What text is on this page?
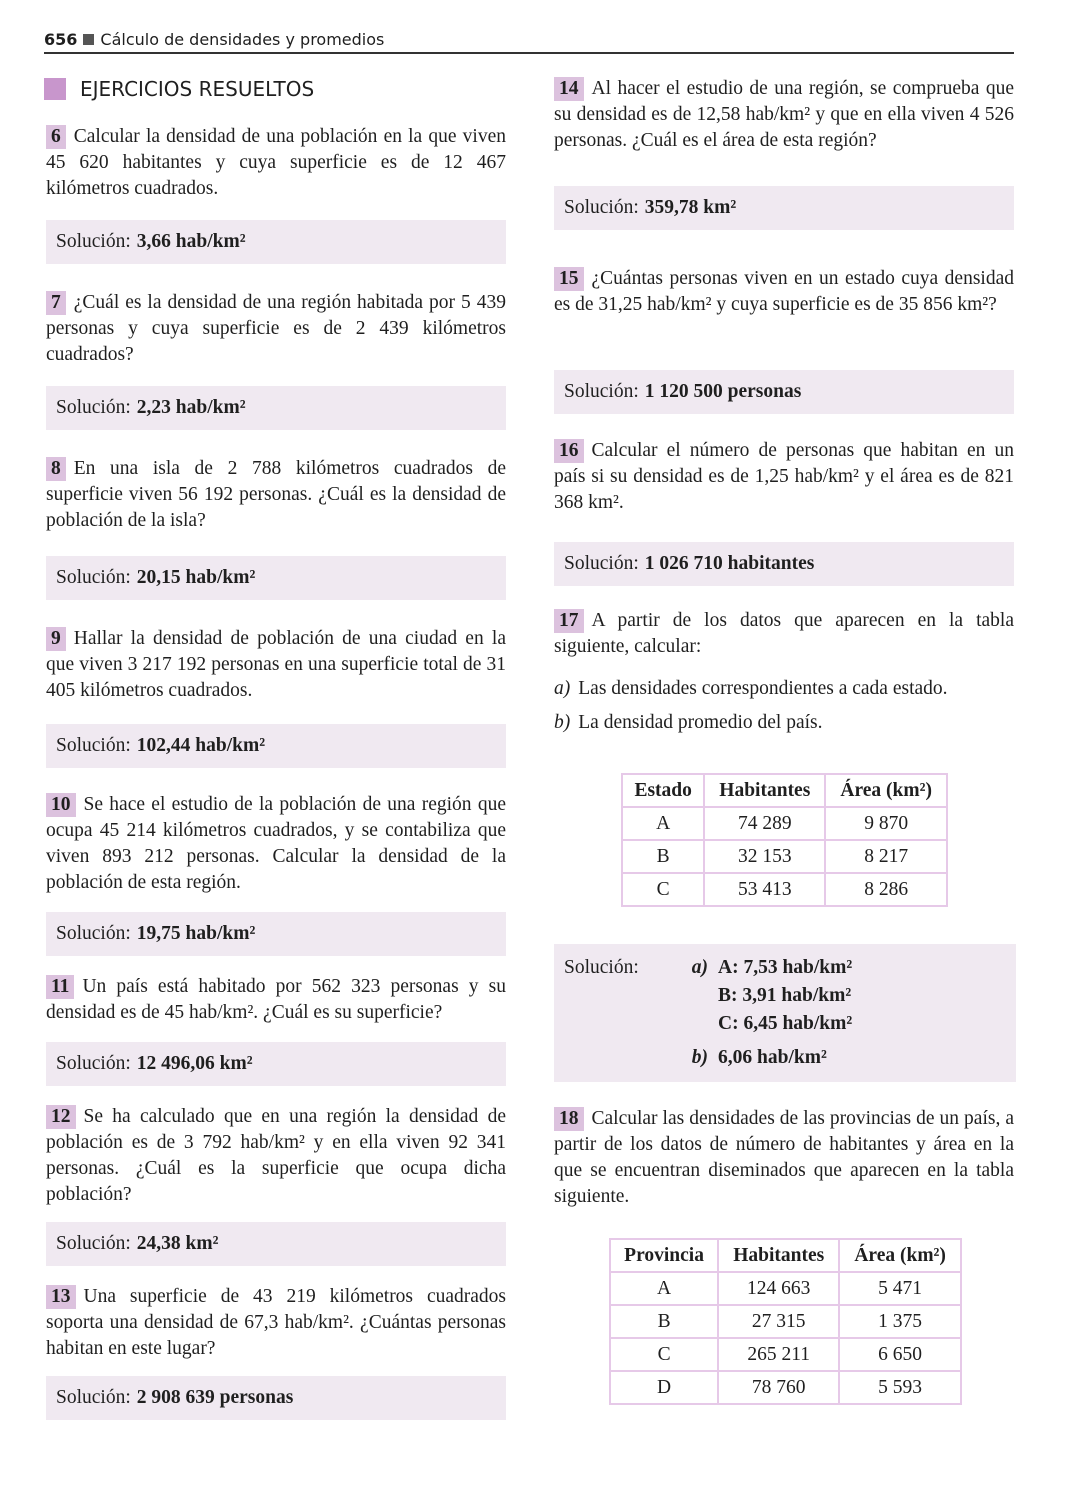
656 Cálculo de densidades y promedios
EJERCICIOS RESUELTOS
6 Calcular la densidad de una población en la que viven 45 620 habitantes y cuya superficie es de 12 467 kilómetros cuadrados.
Solución: 3,66 hab/km²
7 ¿Cuál es la densidad de una región habitada por 5 439 personas y cuya superficie es de 2 439 kilómetros cuadrados?
Solución: 2,23 hab/km²
8 En una isla de 2 788 kilómetros cuadrados de superficie viven 56 192 personas. ¿Cuál es la densidad de población de la isla?
Solución: 20,15 hab/km²
9 Hallar la densidad de población de una ciudad en la que viven 3 217 192 personas en una superficie total de 31 405 kilómetros cuadrados.
Solución: 102,44 hab/km²
10 Se hace el estudio de la población de una región que ocupa 45 214 kilómetros cuadrados, y se contabiliza que viven 893 212 personas. Calcular la densidad de la población de esta región.
Solución: 19,75 hab/km²
11 Un país está habitado por 562 323 personas y su densidad es de 45 hab/km². ¿Cuál es su superficie?
Solución: 12 496,06 km²
12 Se ha calculado que en una región la densidad de población es de 3 792 hab/km² y en ella viven 92 341 personas. ¿Cuál es la superficie que ocupa dicha población?
Solución: 24,38 km²
13 Una superficie de 43 219 kilómetros cuadrados soporta una densidad de 67,3 hab/km². ¿Cuántas personas habitan en este lugar?
Solución: 2 908 639 personas
14 Al hacer el estudio de una región, se comprueba que su densidad es de 12,58 hab/km² y que en ella viven 4 526 personas. ¿Cuál es el área de esta región?
Solución: 359,78 km²
15 ¿Cuántas personas viven en un estado cuya densidad es de 31,25 hab/km² y cuya superficie es de 35 856 km²?
Solución: 1 120 500 personas
16 Calcular el número de personas que habitan en un país si su densidad es de 1,25 hab/km² y el área es de 821 368 km².
Solución: 1 026 710 habitantes
17 A partir de los datos que aparecen en la tabla siguiente, calcular:
a) Las densidades correspondientes a cada estado.
b) La densidad promedio del país.
Estado	Habitantes	Área (km²)
A	74 289	9 870
B	32 153	8 217
C	53 413	8 286
Solución:	a) A: 7,53 hab/km²
B: 3,91 hab/km²
C: 6,45 hab/km²
b) 6,06 hab/km²
18 Calcular las densidades de las provincias de un país, a partir de los datos de número de habitantes y área en la que se encuentran diseminados que aparecen en la tabla siguiente.
Provincia	Habitantes	Área (km²)
A	124 663	5 471
B	27 315	1 375
C	265 211	6 650
D	78 760	5 593
